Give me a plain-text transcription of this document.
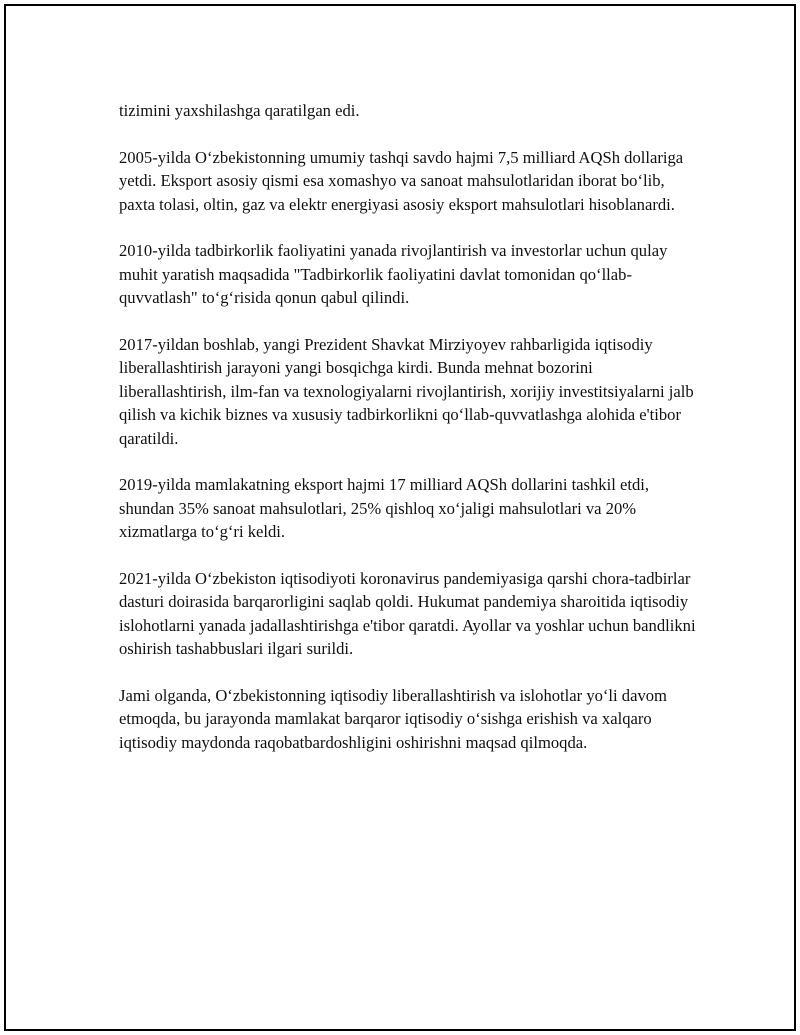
tizimini yaxshilashga qaratilgan edi.

2005-yilda O‘zbekistonning umumiy tashqi savdo hajmi 7,5 milliard AQSh dollariga yetdi. Eksport asosiy qismi esa xomashyo va sanoat mahsulotlaridan iborat bo‘lib, paxta tolasi, oltin, gaz va elektr energiyasi asosiy eksport mahsulotlari hisoblanardi.

2010-yilda tadbirkorlik faoliyatini yanada rivojlantirish va investorlar uchun qulay muhit yaratish maqsadida "Tadbirkorlik faoliyatini davlat tomonidan qo‘llab-quvvatlash" to‘g‘risida qonun qabul qilindi.

2017-yildan boshlab, yangi Prezident Shavkat Mirziyoyev rahbarligida iqtisodiy liberallashtirish jarayoni yangi bosqichga kirdi. Bunda mehnat bozorini liberallashtirish, ilm-fan va texnologiyalarni rivojlantirish, xorijiy investitsiyalarni jalb qilish va kichik biznes va xususiy tadbirkorlikni qo‘llab-quvvatlashga alohida e'tibor qaratildi.

2019-yilda mamlakatning eksport hajmi 17 milliard AQSh dollarini tashkil etdi, shundan 35% sanoat mahsulotlari, 25% qishloq xo‘jaligi mahsulotlari va 20% xizmatlarga to‘g‘ri keldi.

2021-yilda O‘zbekiston iqtisodiyoti koronavirus pandemiyasiga qarshi chora-tadbirlar dasturi doirasida barqarorligini saqlab qoldi. Hukumat pandemiya sharoitida iqtisodiy islohotlarni yanada jadallashtirishga e'tibor qaratdi. Ayollar va yoshlar uchun bandlikni oshirish tashabbuslari ilgari surildi.

Jami olganda, O‘zbekistonning iqtisodiy liberallashtirish va islohotlar yo‘li davom etmoqda, bu jarayonda mamlakat barqaror iqtisodiy o‘sishga erishish va xalqaro iqtisodiy maydonda raqobatbardoshligini oshirishni maqsad qilmoqda.
